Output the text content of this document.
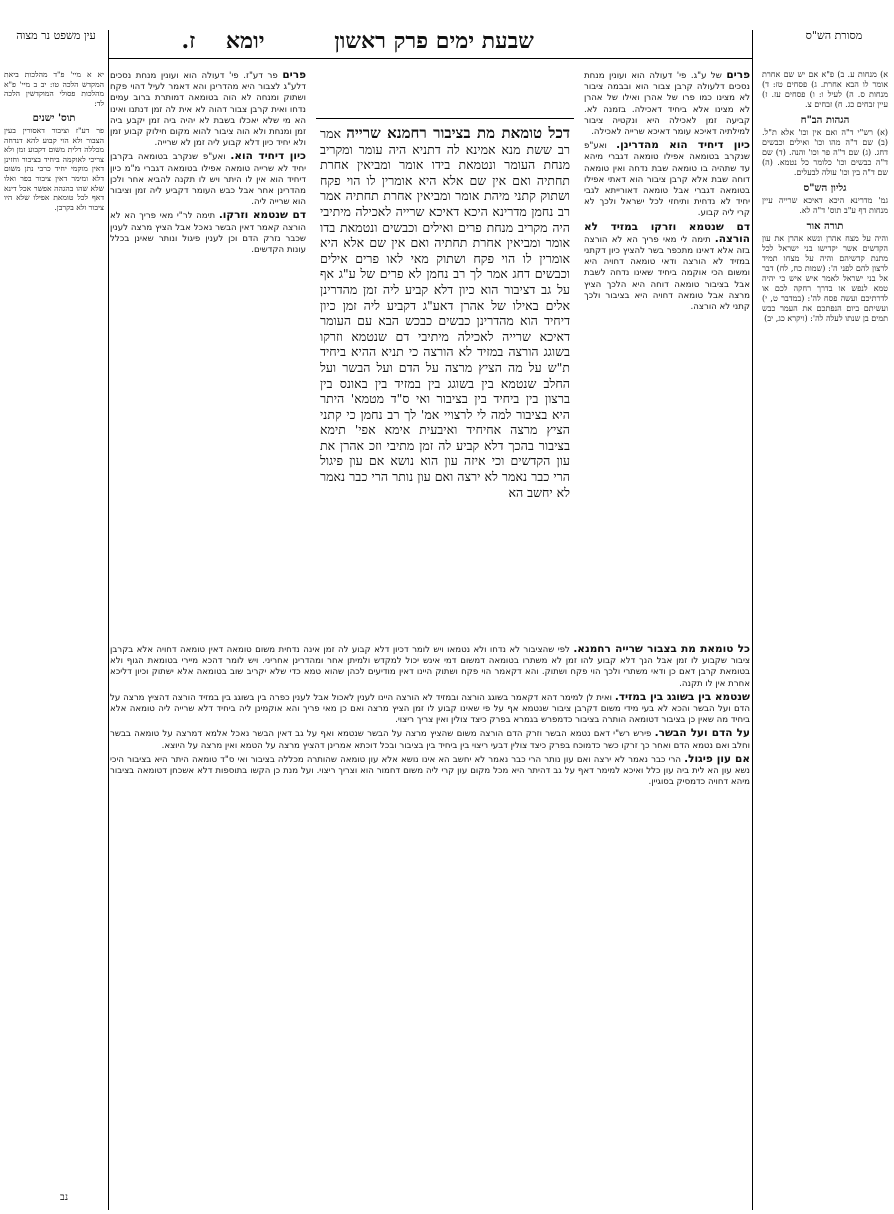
מסורת הש"ס
שבעת ימים פרק ראשון
יומא    ז.
עין משפט נר מצוה
דכל טומאת מת בציבור רחמנא שרייה אמר רב ששת מנא אמינא לה דתניא היה עומר ומקריב מנחת העומר ונטמאת בידו אומר ומביאין אחרת תחתיה ואם אין שם אלא היא אומרין לו הוי פקח ושתוק קתני מיהת אומר ומביאין אחרת תחתיה אמר רב נחמן מדרינא היכא דאיכא שרייה לאכילה מיתיבי היה מקריב מנחת פרים ואילים וכבשים ונטמאת בדו אומר ומביאין אחרת תחתיה ואם אין שם אלא היא אומרין לו הוי פקח ושתוק מאי לאו פרים אילים וכבשים דחג אמר לך רב נחמן לא פרים של ע"ג אף על גב דציבור הוא כיון דלא קביע ליה זמן מהדרינן אלים באילו של אהרן דאע"ג דקביע ליה זמן כיון דיחיד הוא מהדרינן כבשים כבכש הבא עם העומר דאיכא שרייה לאכילה מיתיבי דם שנטמא וזרקו בשוגג הורצה במזיד לא הורצה כי תניא ההיא ביחיד ת"ש על מה הציץ מרצה על הדם ועל הבשר ועל החלב שנטמא בין בשוגג בין במזיד בין באונס בין ברצון בין ביחיד בין בציבור ואי ס"ד מטמא' היתר היא בציבור למה לי לרצויי אמ' לך רב נחמן כי קתני הציץ מרצה אחיחיד ואיבעית אימא אפי' תימא בציבור בהכך דלא קביע לה זמן מתיבי וזכ אהרן את עון הקדשים וכי איזה עון הוא נושא אם עון פיגול הרי כבר נאמר לא ירצה ואם עון נותר הרי כבר נאמר לא יחשב הא

פרים של ע"ג. פי' דעולה הוא ועונין מנחת נסכים דלעולה קרבן צבור הוא ובבמה ציבור לא מצינו כמו פרו של אהרן ואילו של אהרן לא מצינו אלא ביחיד דאכילה. בזמנה לא. קביעה זמן לאכילה היא ונקטיה ציבור למילתיה דאיכא עומר דאיכא שרייה לאכילה.

כיון דיחיד הוא מהדרינן. ואע"פ שנקרב בטומאה אפילו טומאה דגברי מיהא עד שתהיה בו טומאה שבת נדחה ואין טומאה דוחה שבת אלא קרבן ציבור הוא דאתי אפילו בטומאה דגברי אבל טומאה דאורייתא לגבי יחיד לא נדחית ותיחזי לכל ישראל ולכך לא קרי ליה קבוע.

דם שנטמא וזרקו במזיד לא הורצה. תימה לי מאי פריך הא לא הורצה בזה אלא דאינו מתכפר בשר להציץ כיון דקתני במזיד לא הורצה ודאי טומאה דחויה היא ומשום הכי אוקמה ביחיד שאינו נדחה לשבת אבל בציבור טומאה דוחה היא הלכך הציץ מרצה אבל טומאה דחויה היא בציבור ולכך קתני לא הורצה.

פרים פר דע"ז. פי' דעולה הוא ועונין מנחת נסכים דלע"ג לצבור היא מהדרינן והא דאמר לעיל דהוי פקח ושתוק ומנחה לא הוה בטומאה דמותרת ברוב עמים נדחו ואית קרבן צבור דהוה לא אית לה זמן דנתנו ואינו הא מי שלא יאכלו בשבת לא יהיה ביה זמן יקבע ביה זמן ומנחת ולא הוה ציבור להוא מקום חילוק קבוע זמן ולא יחיד כיון דלא קבוע ליה זמן לא שרייה.

כיון דיחיד הוא. ואע"פ שנקרב בטומאה בקרבן יחיד לא שרייה טומאה אפילו בטומאה דגברי מ"מ כיון דיחיד הוא אין לו היתר ויש לו תקנה להביא אחר ולכן מהדרינן אחר אבל כבש העומר דקביע ליה זמן וציבור הוא שרייה ליה.

דם שנטמא וזרקו. תימה לר"י מאי פריך הא לא הורצה קאמר דאין הבשר נאכל אבל הציץ מרצה לענין שכבר נזרק הדם וכן לענין פיגול ונותר שאינן בכלל עונות הקדשים.

כל טומאת מת בצבור שרייה רחמנא. לפי שהציבור לא נדחו ולא נטמאו ויש לומר דכיון דלא קבוע לה זמן אינה נדחית משום טומאה דאין טומאה דחויה אלא בקרבן ציבור שקבוע לו זמן אבל הנך דלא קבוע להו זמן לא משתרו בטומאה דמשום דמי אינש יכול למקדש ולמיתן אחר ומהדרינן אחריני. ויש לומר דהכא מיירי בטומאת הגוף ולא בטומאת קרבן דאם כן ודאי משתרי ולכך הוי פקח ושתוק. והא דקאמר הוי פקח ושתוק היינו דאין מודיעים לכהן שהוא טמא כדי שלא יקריב שוב בטומאה אלא ישתוק וכיון דליכא אחרת אין לו תקנה.

שנטמא בין בשוגג בין במזיד. ואית לן למימר דהא דקאמר בשוגג הורצה ובמזיד לא הורצה היינו לענין לאכול אבל לענין כפרה בין בשוגג בין במזיד הורצה דהציץ מרצה על הדם ועל הבשר והכא לא בעי מידי משום דקרבן ציבור שנטמא אף על פי שאינו קבוע לו זמן הציץ מרצה ואם כן מאי פריך והא אוקמינן ליה ביחיד דלא שרייה ליה טומאה אלא ביחיד מה שאין כן בציבור דטומאה הותרה בציבור כדמפרש בגמרא בפרק כיצד צולין ואין צריך ריצוי.

על הדם ועל הבשר. פירש רש"י דאם נטמא הבשר וזרק הדם הורצה משום שהציץ מרצה על הבשר שנטמא ואף על גב דאין הבשר נאכל אלמא דמרצה על טומאה בבשר וחלב ואם נטמא הדם ואחר כך זרקו כשר כדמוכח בפרק כיצד צולין דבעי ריצוי בין ביחיד בין בציבור ובכל דוכתא אמרינן דהציץ מרצה על הטמא ואין מרצה על היוצא.

אם עון פיגול. הרי כבר נאמר לא ירצה ואם עון נותר הרי כבר נאמר לא יחשב הא אינו נושא אלא עון טומאה שהותרה מכללה בציבור ואי ס"ד טומאה היתר היא בציבור היכי נשא עון הא לית ביה עון כלל ואיכא למימר דאף על גב דהיתר היא מכל מקום עון קרי ליה משום דחמור הוא וצריך ריצוי. ועל מנת כן הקשו בתוספות דלא אשכחן דטומאה בציבור מיהא דחויה כדמסיק בסוגיין.

א) מנחות ע. ב) פ"א אם יש שם אחרת אומר לו הבא אחרת. ג) פסחים טז: ד) מנחות ס. ה) לעיל ו: ו) פסחים עז. ז) עיין זבחים כג. ח) זבחים צ.

הגהות הב"ח

(א) רש"י ד"ה ואם אין וכו' אלא ת"ל. (ב) שם ד"ה מהו וכו' ואילים וכבשים דחג. (ג) שם ד"ה פר וכו' והנה. (ד) שם ד"ה כבשים וכו' כלומר כל נטמא. (ה) שם ד"ה בין וכו' עולה לבעלים.

גליון הש"ס

גמ' מדרינא היכא דאיכא שרייה עיין מנחות דף ע"ב תוס' ד"ה לא.

תורה אור

והיה על מצח אהרן ונשא אהרן את עון הקדשים אשר יקדישו בני ישראל לכל מתנת קדשיהם והיה על מצחו תמיד לרצון להם לפני ה': (שמות כח, לח) דבר אל בני ישראל לאמר איש איש כי יהיה טמא לנפש או בדרך רחקה לכם או לדרתיכם ועשה פסח לה': (במדבר ט, י) ועשיתם ביום הנפתכם את העמר כבש תמים בן שנתו לעלה לה': (ויקרא כג, יב)

יא א מיי' פ"ד מהלכות ביאת המקדש הלכה טו: יב ב מיי' פ"א מהלכות פסולי המוקדשין הלכה לד:

תוס' ישנים

פר דע"ז וציבור דאסורין בעין הצבור ולא הוי קבוע להא דנדחה מכללה דלית משום דקבוע זמן ולא צריכי לאוקמה ביחיד בציבור וחזינן דאין מוקמי יחיד כרבי נתן משום דלא ומימר דאין ציבור בפר ואלו שלא שהו בהגהה אפשר אכל דינא דאף לכל טומאת אפילו שלא היו ציבור ולא בקרבן.

נב
